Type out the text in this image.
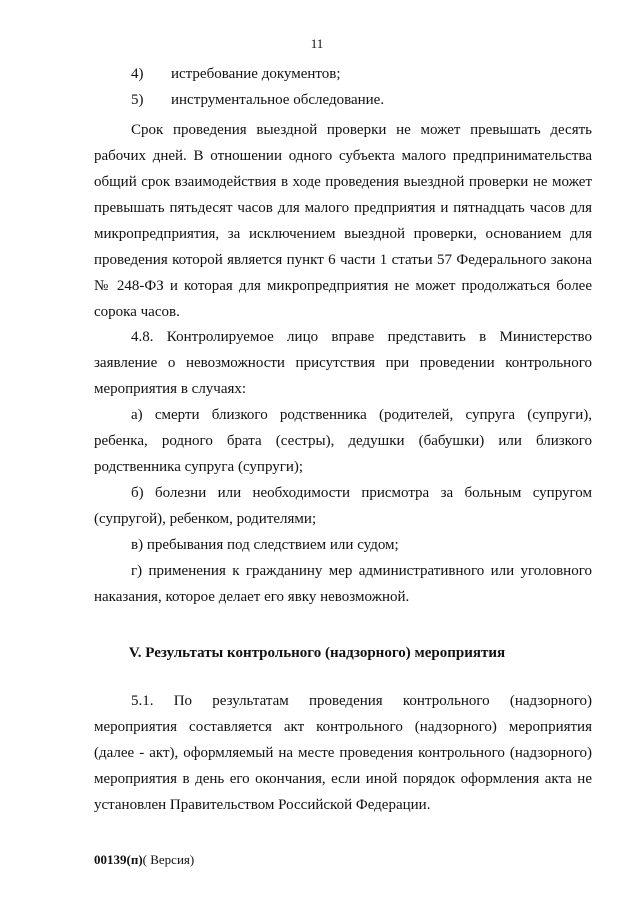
11
4) истребование документов;
5) инструментальное обследование.

Срок проведения выездной проверки не может превышать десять рабочих дней. В отношении одного субъекта малого предпринимательства общий срок взаимодействия в ходе проведения выездной проверки не может превышать пятьдесят часов для малого предприятия и пятнадцать часов для микропредприятия, за исключением выездной проверки, основанием для проведения которой является пункт 6 части 1 статьи 57 Федерального закона № 248-ФЗ и которая для микропредприятия не может продолжаться более сорока часов.

4.8. Контролируемое лицо вправе представить в Министерство заявление о невозможности присутствия при проведении контрольного мероприятия в случаях:

а) смерти близкого родственника (родителей, супруга (супруги), ребенка, родного брата (сестры), дедушки (бабушки) или близкого родственника супруга (супруги);

б) болезни или необходимости присмотра за больным супругом (супругой), ребенком, родителями;

в) пребывания под следствием или судом;

г) применения к гражданину мер административного или уголовного наказания, которое делает его явку невозможной.

V. Результаты контрольного (надзорного) мероприятия

5.1. По результатам проведения контрольного (надзорного) мероприятия составляется акт контрольного (надзорного) мероприятия (далее - акт), оформляемый на месте проведения контрольного (надзорного) мероприятия в день его окончания, если иной порядок оформления акта не установлен Правительством Российской Федерации.

00139(п)( Версия)
